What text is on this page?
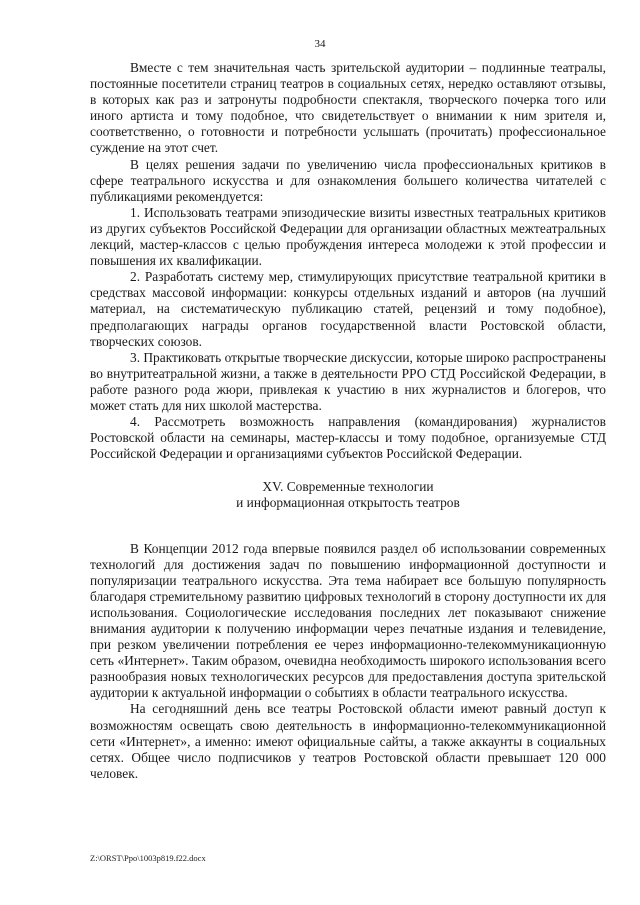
34

Вместе с тем значительная часть зрительской аудитории – подлинные театралы, постоянные посетители страниц театров в социальных сетях, нередко оставляют отзывы, в которых как раз и затронуты подробности спектакля, творческого почерка того или иного артиста и тому подобное, что свидетельствует о внимании к ним зрителя и, соответственно, о готовности и потребности услышать (прочитать) профессиональное суждение на этот счет.

В целях решения задачи по увеличению числа профессиональных критиков в сфере театрального искусства и для ознакомления большего количества читателей с публикациями рекомендуется:

1. Использовать театрами эпизодические визиты известных театральных критиков из других субъектов Российской Федерации для организации областных межтеатральных лекций, мастер-классов с целью пробуждения интереса молодежи к этой профессии и повышения их квалификации.

2. Разработать систему мер, стимулирующих присутствие театральной критики в средствах массовой информации: конкурсы отдельных изданий и авторов (на лучший материал, на систематическую публикацию статей, рецензий и тому подобное), предполагающих награды органов государственной власти Ростовской области, творческих союзов.

3. Практиковать открытые творческие дискуссии, которые широко распространены во внутритеатральной жизни, а также в деятельности РРО СТД Российской Федерации, в работе разного рода жюри, привлекая к участию в них журналистов и блогеров, что может стать для них школой мастерства.

4. Рассмотреть возможность направления (командирования) журналистов Ростовской области на семинары, мастер-классы и тому подобное, организуемые СТД Российской Федерации и организациями субъектов Российской Федерации.

XV. Современные технологии
и информационная открытость театров

В Концепции 2012 года впервые появился раздел об использовании современных технологий для достижения задач по повышению информационной доступности и популяризации театрального искусства. Эта тема набирает все большую популярность благодаря стремительному развитию цифровых технологий в сторону доступности их для использования. Социологические исследования последних лет показывают снижение внимания аудитории к получению информации через печатные издания и телевидение, при резком увеличении потребления ее через информационно-телекоммуникационную сеть «Интернет». Таким образом, очевидна необходимость широкого использования всего разнообразия новых технологических ресурсов для предоставления доступа зрительской аудитории к актуальной информации о событиях в области театрального искусства.

На сегодняшний день все театры Ростовской области имеют равный доступ к возможностям освещать свою деятельность в информационно-телекоммуникационной сети «Интернет», а именно: имеют официальные сайты, а также аккаунты в социальных сетях. Общее число подписчиков у театров Ростовской области превышает 120 000 человек.

Z:\ORST\Ppo\1003p819.f22.docx
